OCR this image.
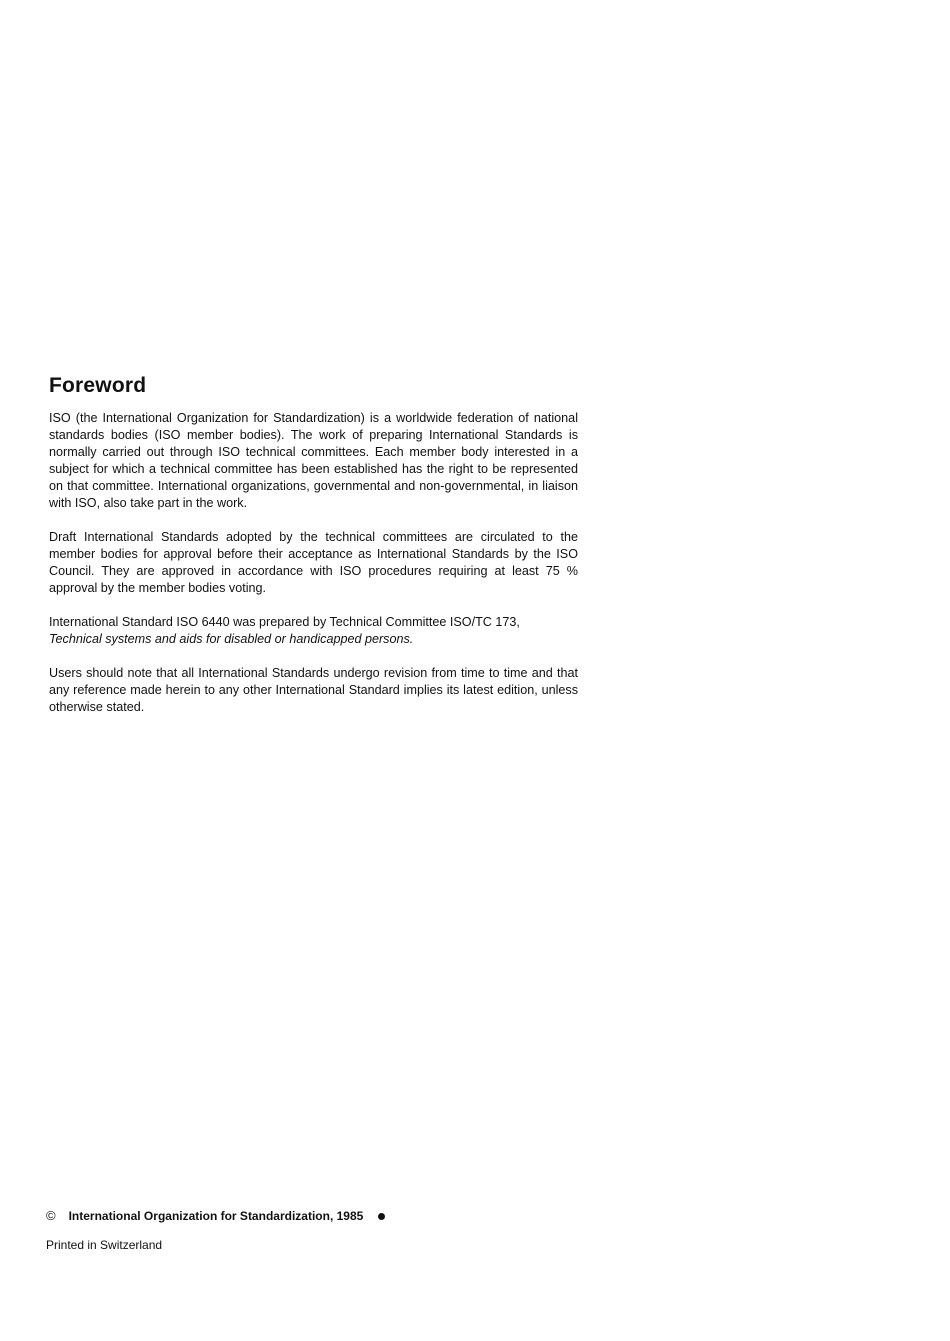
Foreword

ISO (the International Organization for Standardization) is a worldwide federation of national standards bodies (ISO member bodies). The work of preparing International Standards is normally carried out through ISO technical committees. Each member body interested in a subject for which a technical committee has been established has the right to be represented on that committee. International organizations, governmental and non-governmental, in liaison with ISO, also take part in the work.

Draft International Standards adopted by the technical committees are circulated to the member bodies for approval before their acceptance as International Standards by the ISO Council. They are approved in accordance with ISO procedures requiring at least 75 % approval by the member bodies voting.

International Standard ISO 6440 was prepared by Technical Committee ISO/TC 173,
Technical systems and aids for disabled or handicapped persons.

Users should note that all International Standards undergo revision from time to time and that any reference made herein to any other International Standard implies its latest edition, unless otherwise stated.

© International Organization for Standardization, 1985
Printed in Switzerland
